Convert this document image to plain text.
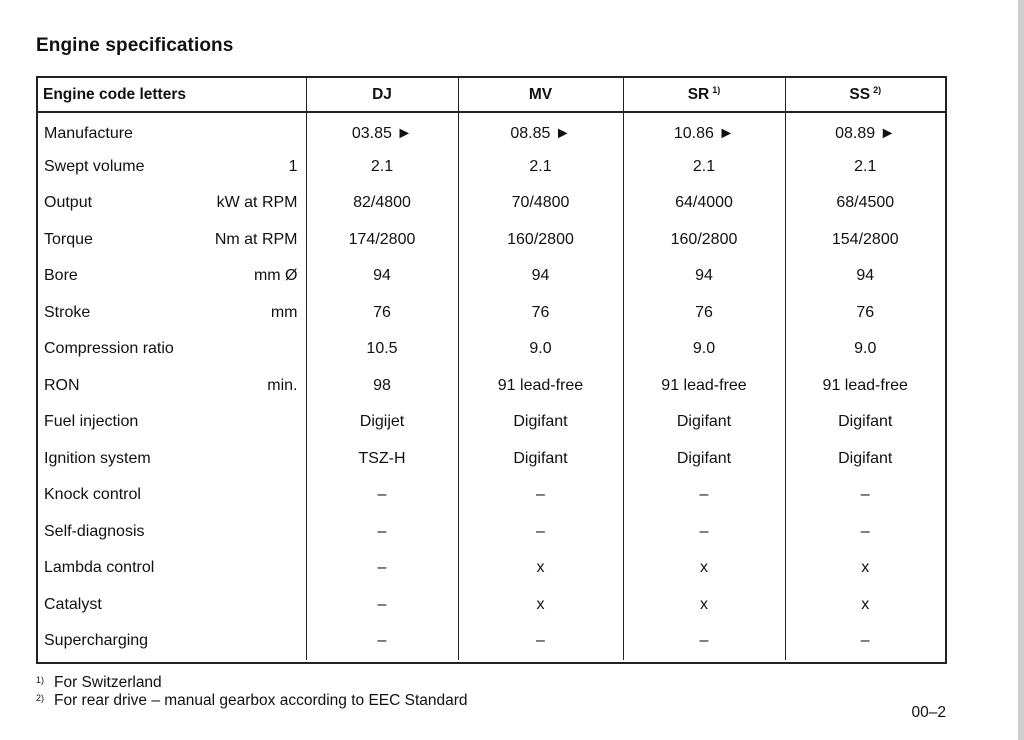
Engine specifications
Engine code letters	DJ	MV	SR $^{1)}$	SS $^{2)}$

Manufacture	03.85 ►	08.85 ►	10.86 ►	08.89 ►

Swept volume 1	2.1	2.1	2.1	2.1

Output kW at RPM	82/4800	70/4800	64/4000	68/4500

Torque Nm at RPM	174/2800	160/2800	160/2800	154/2800

Bore mm Ø	94	94	94	94

Stroke mm	76	76	76	76

Compression ratio	10.5	9.0	9.0	9.0

RON min.	98	91 lead-free	91 lead-free	91 lead-free

Fuel injection	Digijet	Digifant	Digifant	Digifant

Ignition system	TSZ-H	Digifant	Digifant	Digifant

Knock control	–	–	–	–

Self-diagnosis	–	–	–	–

Lambda control	–	x	x	x

Catalyst	–	x	x	x

Supercharging	–	–	–	–
1) For Switzerland
2) For rear drive – manual gearbox according to EEC Standard
00–2
